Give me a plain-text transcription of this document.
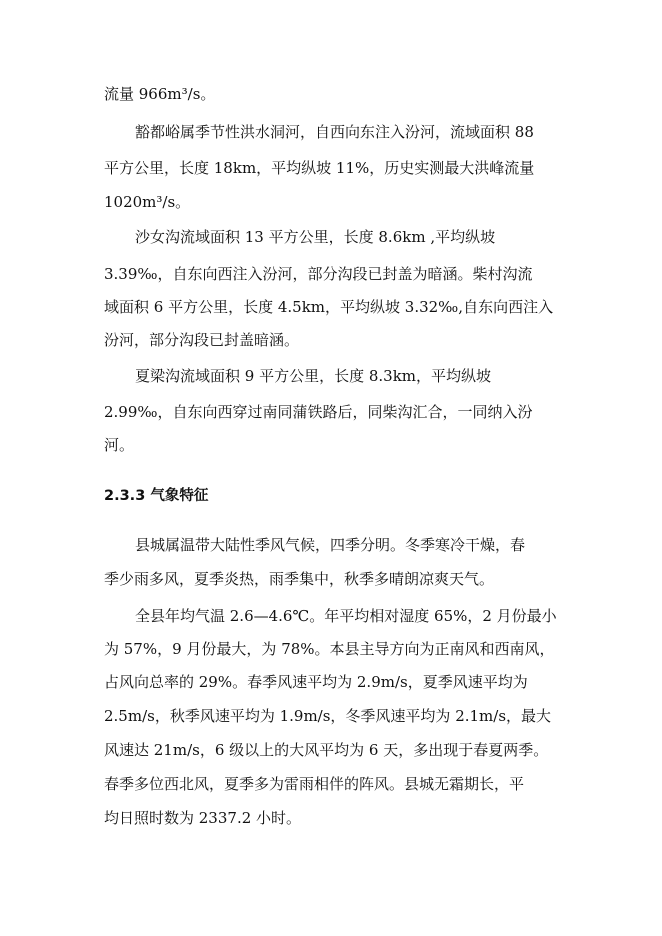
流量 966m³/s。
豁都峪属季节性洪水洞河，自西向东注入汾河，流域面积 88
平方公里，长度 18km，平均纵坡 11%，历史实测最大洪峰流量
1020m³/s。
沙女沟流域面积 13 平方公里，长度 8.6km ,平均纵坡
3.39‰，自东向西注入汾河，部分沟段已封盖为暗涵。柴村沟流
域面积 6 平方公里，长度 4.5km，平均纵坡 3.32‰,自东向西注入
汾河，部分沟段已封盖暗涵。
夏梁沟流域面积 9 平方公里，长度 8.3km，平均纵坡
2.99‰，自东向西穿过南同蒲铁路后，同柴沟汇合，一同纳入汾
河。
2.3.3 气象特征
县城属温带大陆性季风气候，四季分明。冬季寒冷干燥，春
季少雨多风，夏季炎热，雨季集中，秋季多晴朗凉爽天气。
全县年均气温 2.6—4.6℃。年平均相对湿度 65%，2 月份最小
为 57%，9 月份最大，为 78%。本县主导方向为正南风和西南风，
占风向总率的 29%。春季风速平均为 2.9m/s，夏季风速平均为
2.5m/s，秋季风速平均为 1.9m/s，冬季风速平均为 2.1m/s，最大
风速达 21m/s，6 级以上的大风平均为 6 天，多出现于春夏两季。
春季多位西北风，夏季多为雷雨相伴的阵风。县城无霜期长，平
均日照时数为 2337.2 小时。
